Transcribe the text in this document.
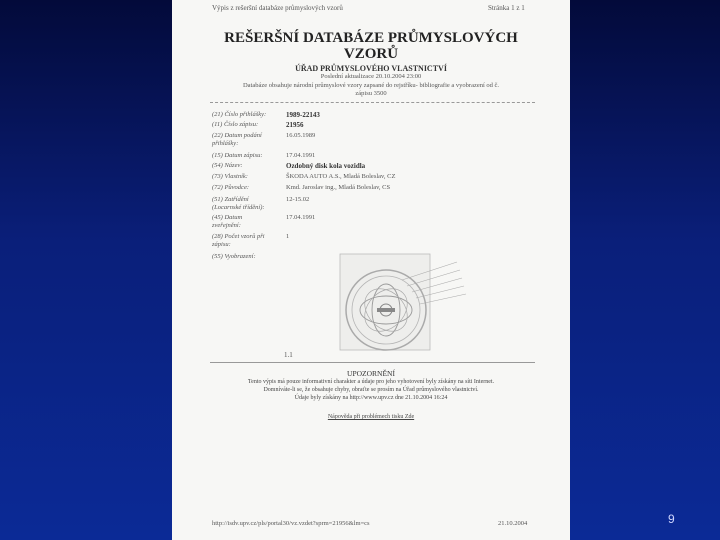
Výpis z rešeršní databáze průmyslových vzorů	Stránka 1 z 1
REŠERŠNÍ DATABÁZE PRŮMYSLOVÝCH
VZORŮ
ÚŘAD PRŮMYSLOVÉHO VLASTNICTVÍ
Poslední aktualizace 20.10.2004 23:00
Databáze obsahuje národní průmyslové vzory zapsané do rejstříku- bibliografie a vyobrazení od č.
zápisu 3500
(21) Číslo přihlášky:	1989-22143
(11) Číslo zápisu:	21956
(22) Datum podání	16.05.1989
přihlášky:
(15) Datum zápisu:	17.04.1991
(54) Název:	Ozdobný disk kola vozidla
(73) Vlastník:	ŠKODA AUTO A.S., Mladá Boleslav, CZ
(72) Původce:	Kmd. Jaroslav ing., Mladá Boleslav, CS
(51) Zatřídění	12-15.02
(Locarnské třídění):
(45) Datum	17.04.1991
zveřejnění:
(28) Počet vzorů při	1
zápisu:
(55) Vyobrazení:
1.1
UPOZORNĚNÍ
Tento výpis má pouze informativní charakter a údaje pro jeho vyhotovení byly získány na síti Internet.
Domníváte-li se, že obsahuje chyby, obraťte se prosím na Úřad průmyslového vlastnictví.
Údaje byly získány na http://www.upv.cz dne 21.10.2004 16:24
Nápověda při problémech tisku Zde
http://isdv.upv.cz/pls/portal30/vz.vzdet?sprm=21956&lm=cs	21.10.2004	9
